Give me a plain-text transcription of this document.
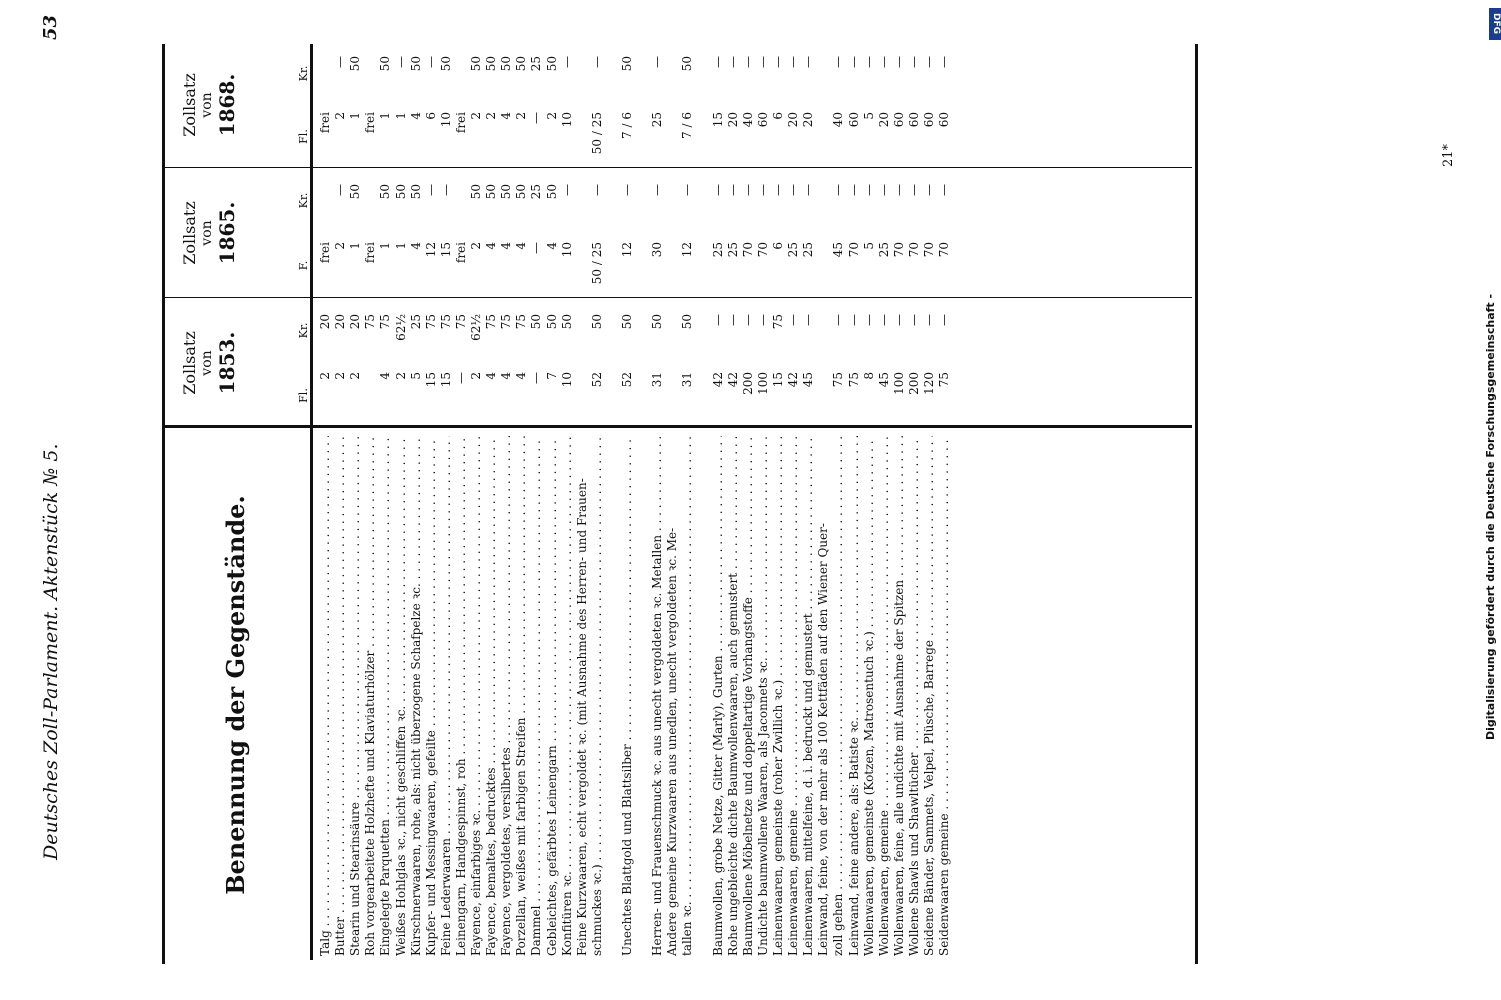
Deutsches Zoll-Parlament. Aktenstück № 5.
53
Benennung der Gegenstände.
Zollsatz von 1853.
Fl.
Kr.
Zollsatz von 1865.
F.
Kr.
Zollsatz von 1868.
Fl.
Kr.
Talg . . .
2
20
frei
frei
Butter . . .
2
20
2
—
2
—
Stearin und Stearinsäure . . .
2
20
1
50
1
50
Roh vorgearbeitete Holzhefte und Klaviaturhölzer . . .
75
frei
frei
Eingelegte Parquetten . . .
4
75
1
50
1
50
Weißes Hohlglas ꝛc., nicht geschliffen ꝛc. . . .
2
62½
1
50
1
—
Kürschnerwaaren, rohe, als: nicht überzogene Schafpelze ꝛc. . . .
5
25
4
50
4
50
Kupfer- und Messingwaaren, gefeilte . . .
15
75
12
—
6
—
Feine Lederwaaren . . .
15
75
15
—
10
50
Leinengarn, Handgespinnst, roh . . .
—
75
frei
frei
Fayence, einfarbiges ꝛc. . . .
2
62½
2
50
2
50
Fayence, bemaltes, bedrucktes . . .
4
75
4
50
2
50
Fayence, vergoldetes, versilbertes . . .
4
75
4
50
4
50
Porzellan, weißes mit farbigen Streifen . . .
4
75
4
50
2
50
Dammel . . .
—
50
—
25
—
25
Gebleichtes, gefärbtes Leinengarn . . .
7
50
4
50
2
50
Konfitüren ꝛc. . . .
10
50
10
—
10
—
Feine Kurzwaaren, echt vergoldet ꝛc. (mit Ausnahme des Herren- und Frauen- schmuckes ꝛc.) . . .
52
50
50 / 25
—
50 / 25
—
Unechtes Blattgold und Blattsilber . . .
52
50
12
—
7 / 6
50
Herren- und Frauenschmuck ꝛc. aus unecht vergoldeten ꝛc. Metallen . . .
31
50
30
—
25
—
Andere gemeine Kurzwaaren aus unedlen, unecht vergoldeten ꝛc. Me- tallen ꝛc. . . .
31
50
12
—
7 / 6
50
Baumwollen, grobe Netze, Gitter (Marly), Gurten . . .
42
—
25
—
15
—
Rohe ungebleichte dichte Baumwollenwaaren, auch gemustert . . .
42
—
25
—
20
—
Baumwollene Möbelnetze und doppeltartige Vorhangstoffe . . .
200
—
70
—
40
—
Undichte baumwollene Waaren, als Jaconnets ꝛc. . . .
100
—
70
—
60
—
Leinenwaaren, gemeinste (roher Zwillich ꝛc.) . . .
15
75
6
—
6
—
Leinenwaaren, gemeine . . .
42
—
25
—
20
—
Leinenwaaren, mittelfeine, d. i. bedruckt und gemustert . . .
45
—
25
—
20
—
Leinwand, feine, von der mehr als 100 Kettfäden auf den Wiener Quer- zoll gehen . . .
75
—
45
—
40
—
Leinwand, feine andere, als: Batiste ꝛc. . . .
75
—
70
—
60
—
Wollenwaaren, gemeinste (Kotzen, Matrosentuch ꝛc.) . . .
8
—
5
—
5
—
Wollenwaaren, gemeine . . .
45
—
25
—
20
—
Wollenwaaren, feine, alle undichte mit Ausnahme der Spitzen . . .
100
—
70
—
60
—
Wollene Shawls und Shawltücher . . .
200
—
70
—
60
—
Seidene Bänder, Sammets, Velpel, Plüsche, Barrege . . .
120
—
70
—
60
—
Seidenwaaren gemeine . . .
75
—
70
—
60
—
DFG
Digitalisierung gefördert durch die Deutsche Forschungsgemeinschaft -
21*
